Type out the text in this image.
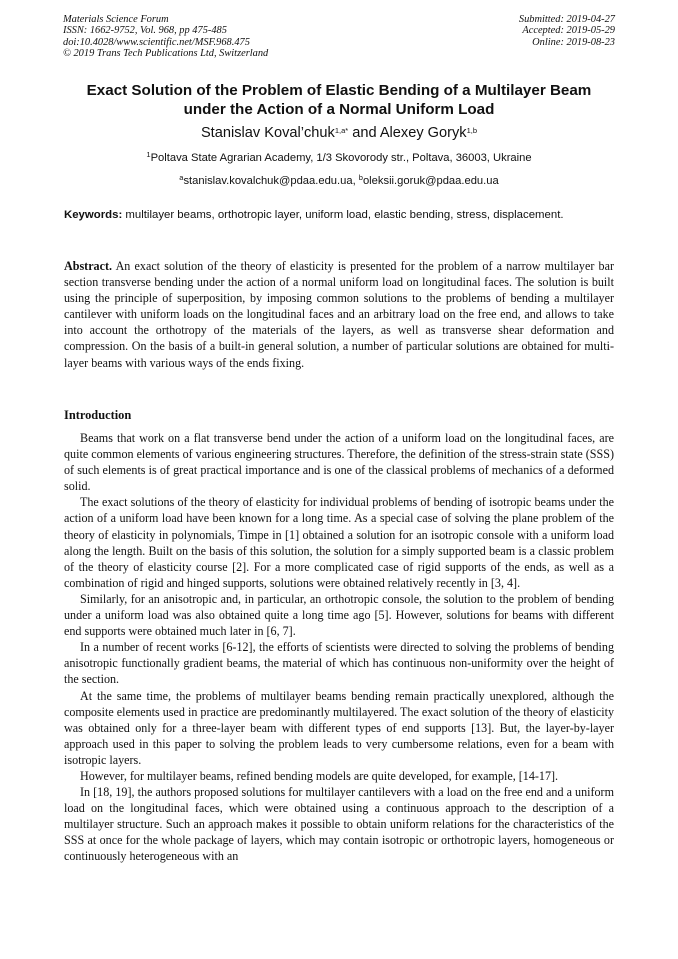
Materials Science Forum
ISSN: 1662-9752, Vol. 968, pp 475-485
doi:10.4028/www.scientific.net/MSF.968.475
© 2019 Trans Tech Publications Ltd, Switzerland
Submitted: 2019-04-27
Accepted: 2019-05-29
Online: 2019-08-23
Exact Solution of the Problem of Elastic Bending of a Multilayer Beam
under the Action of a Normal Uniform Load
Stanislav Koval’chuk$^{1,a*}$ and Alexey Goryk$^{1,b}$
$^1$Poltava State Agrarian Academy, 1/3 Skovorody str., Poltava, 36003, Ukraine
$^a$stanislav.kovalchuk@pdaa.edu.ua, $^b$oleksii.goruk@pdaa.edu.ua
Keywords: multilayer beams, orthotropic layer, uniform load, elastic bending, stress, displacement.
Abstract. An exact solution of the theory of elasticity is presented for the problem of a narrow multilayer bar section transverse bending under the action of a normal uniform load on longitudinal faces. The solution is built using the principle of superposition, by imposing common solutions to the problems of bending a multilayer cantilever with uniform loads on the longitudinal faces and an arbitrary load on the free end, and allows to take into account the orthotropy of the materials of the layers, as well as transverse shear deformation and compression. On the basis of a built-in general solution, a number of particular solutions are obtained for multi-layer beams with various ways of the ends fixing.
Introduction

Beams that work on a flat transverse bend under the action of a uniform load on the longitudinal faces, are quite common elements of various engineering structures. Therefore, the definition of the stress-strain state (SSS) of such elements is of great practical importance and is one of the classical problems of mechanics of a deformed solid.

The exact solutions of the theory of elasticity for individual problems of bending of isotropic beams under the action of a uniform load have been known for a long time. As a special case of solving the plane problem of the theory of elasticity in polynomials, Timpe in [1] obtained a solution for an isotropic console with a uniform load along the length. Built on the basis of this solution, the solution for a simply supported beam is a classic problem of the theory of elasticity course [2]. For a more complicated case of rigid supports of the ends, as well as a combination of rigid and hinged supports, solutions were obtained relatively recently in [3, 4].

Similarly, for an anisotropic and, in particular, an orthotropic console, the solution to the problem of bending under a uniform load was also obtained quite a long time ago [5]. However, solutions for beams with different end supports were obtained much later in [6, 7].

In a number of recent works [6-12], the efforts of scientists were directed to solving the problems of bending anisotropic functionally gradient beams, the material of which has continuous non-uniformity over the height of the section.

At the same time, the problems of multilayer beams bending remain practically unexplored, although the composite elements used in practice are predominantly multilayered. The exact solution of the theory of elasticity was obtained only for a three-layer beam with different types of end supports [13]. But, the layer-by-layer approach used in this paper to solving the problem leads to very cumbersome relations, even for a beam with isotropic layers.

However, for multilayer beams, refined bending models are quite developed, for example, [14-17].

In [18, 19], the authors proposed solutions for multilayer cantilevers with a load on the free end and a uniform load on the longitudinal faces, which were obtained using a continuous approach to the description of a multilayer structure. Such an approach makes it possible to obtain uniform relations for the characteristics of the SSS at once for the whole package of layers, which may contain isotropic or orthotropic layers, homogeneous or continuously heterogeneous with an
